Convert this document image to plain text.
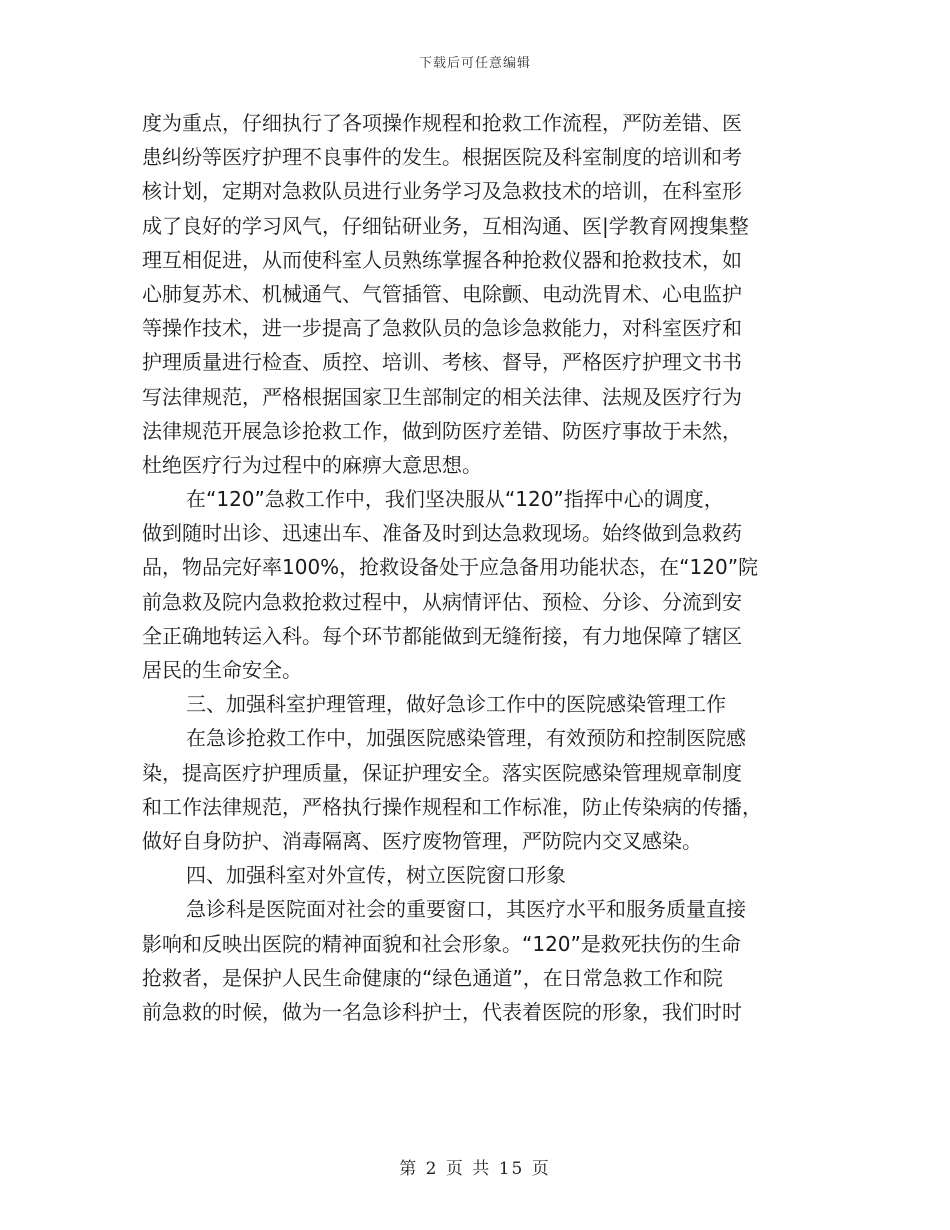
下载后可任意编辑
度为重点，仔细执行了各项操作规程和抢救工作流程，严防差错、医
患纠纷等医疗护理不良事件的发生。根据医院及科室制度的培训和考
核计划，定期对急救队员进行业务学习及急救技术的培训，在科室形
成了良好的学习风气，仔细钻研业务，互相沟通、医|学教育网搜集整
理互相促进，从而使科室人员熟练掌握各种抢救仪器和抢救技术，如
心肺复苏术、机械通气、气管插管、电除颤、电动洗胃术、心电监护
等操作技术，进一步提高了急救队员的急诊急救能力，对科室医疗和
护理质量进行检查、质控、培训、考核、督导，严格医疗护理文书书
写法律规范，严格根据国家卫生部制定的相关法律、法规及医疗行为
法律规范开展急诊抢救工作，做到防医疗差错、防医疗事故于未然，
杜绝医疗行为过程中的麻痹大意思想。
在“120”急救工作中，我们坚决服从“120”指挥中心的调度，
做到随时出诊、迅速出车、准备及时到达急救现场。始终做到急救药
品，物品完好率100%，抢救设备处于应急备用功能状态，在“120”院
前急救及院内急救抢救过程中，从病情评估、预检、分诊、分流到安
全正确地转运入科。每个环节都能做到无缝衔接，有力地保障了辖区
居民的生命安全。
三、加强科室护理管理，做好急诊工作中的医院感染管理工作
在急诊抢救工作中，加强医院感染管理，有效预防和控制医院感
染，提高医疗护理质量，保证护理安全。落实医院感染管理规章制度
和工作法律规范，严格执行操作规程和工作标准，防止传染病的传播，
做好自身防护、消毒隔离、医疗废物管理，严防院内交叉感染。
四、加强科室对外宣传，树立医院窗口形象
急诊科是医院面对社会的重要窗口，其医疗水平和服务质量直接
影响和反映出医院的精神面貌和社会形象。“120”是救死扶伤的生命
抢救者，是保护人民生命健康的“绿色通道”，在日常急救工作和院
前急救的时候，做为一名急诊科护士，代表着医院的形象，我们时时
第 2 页 共 15 页
